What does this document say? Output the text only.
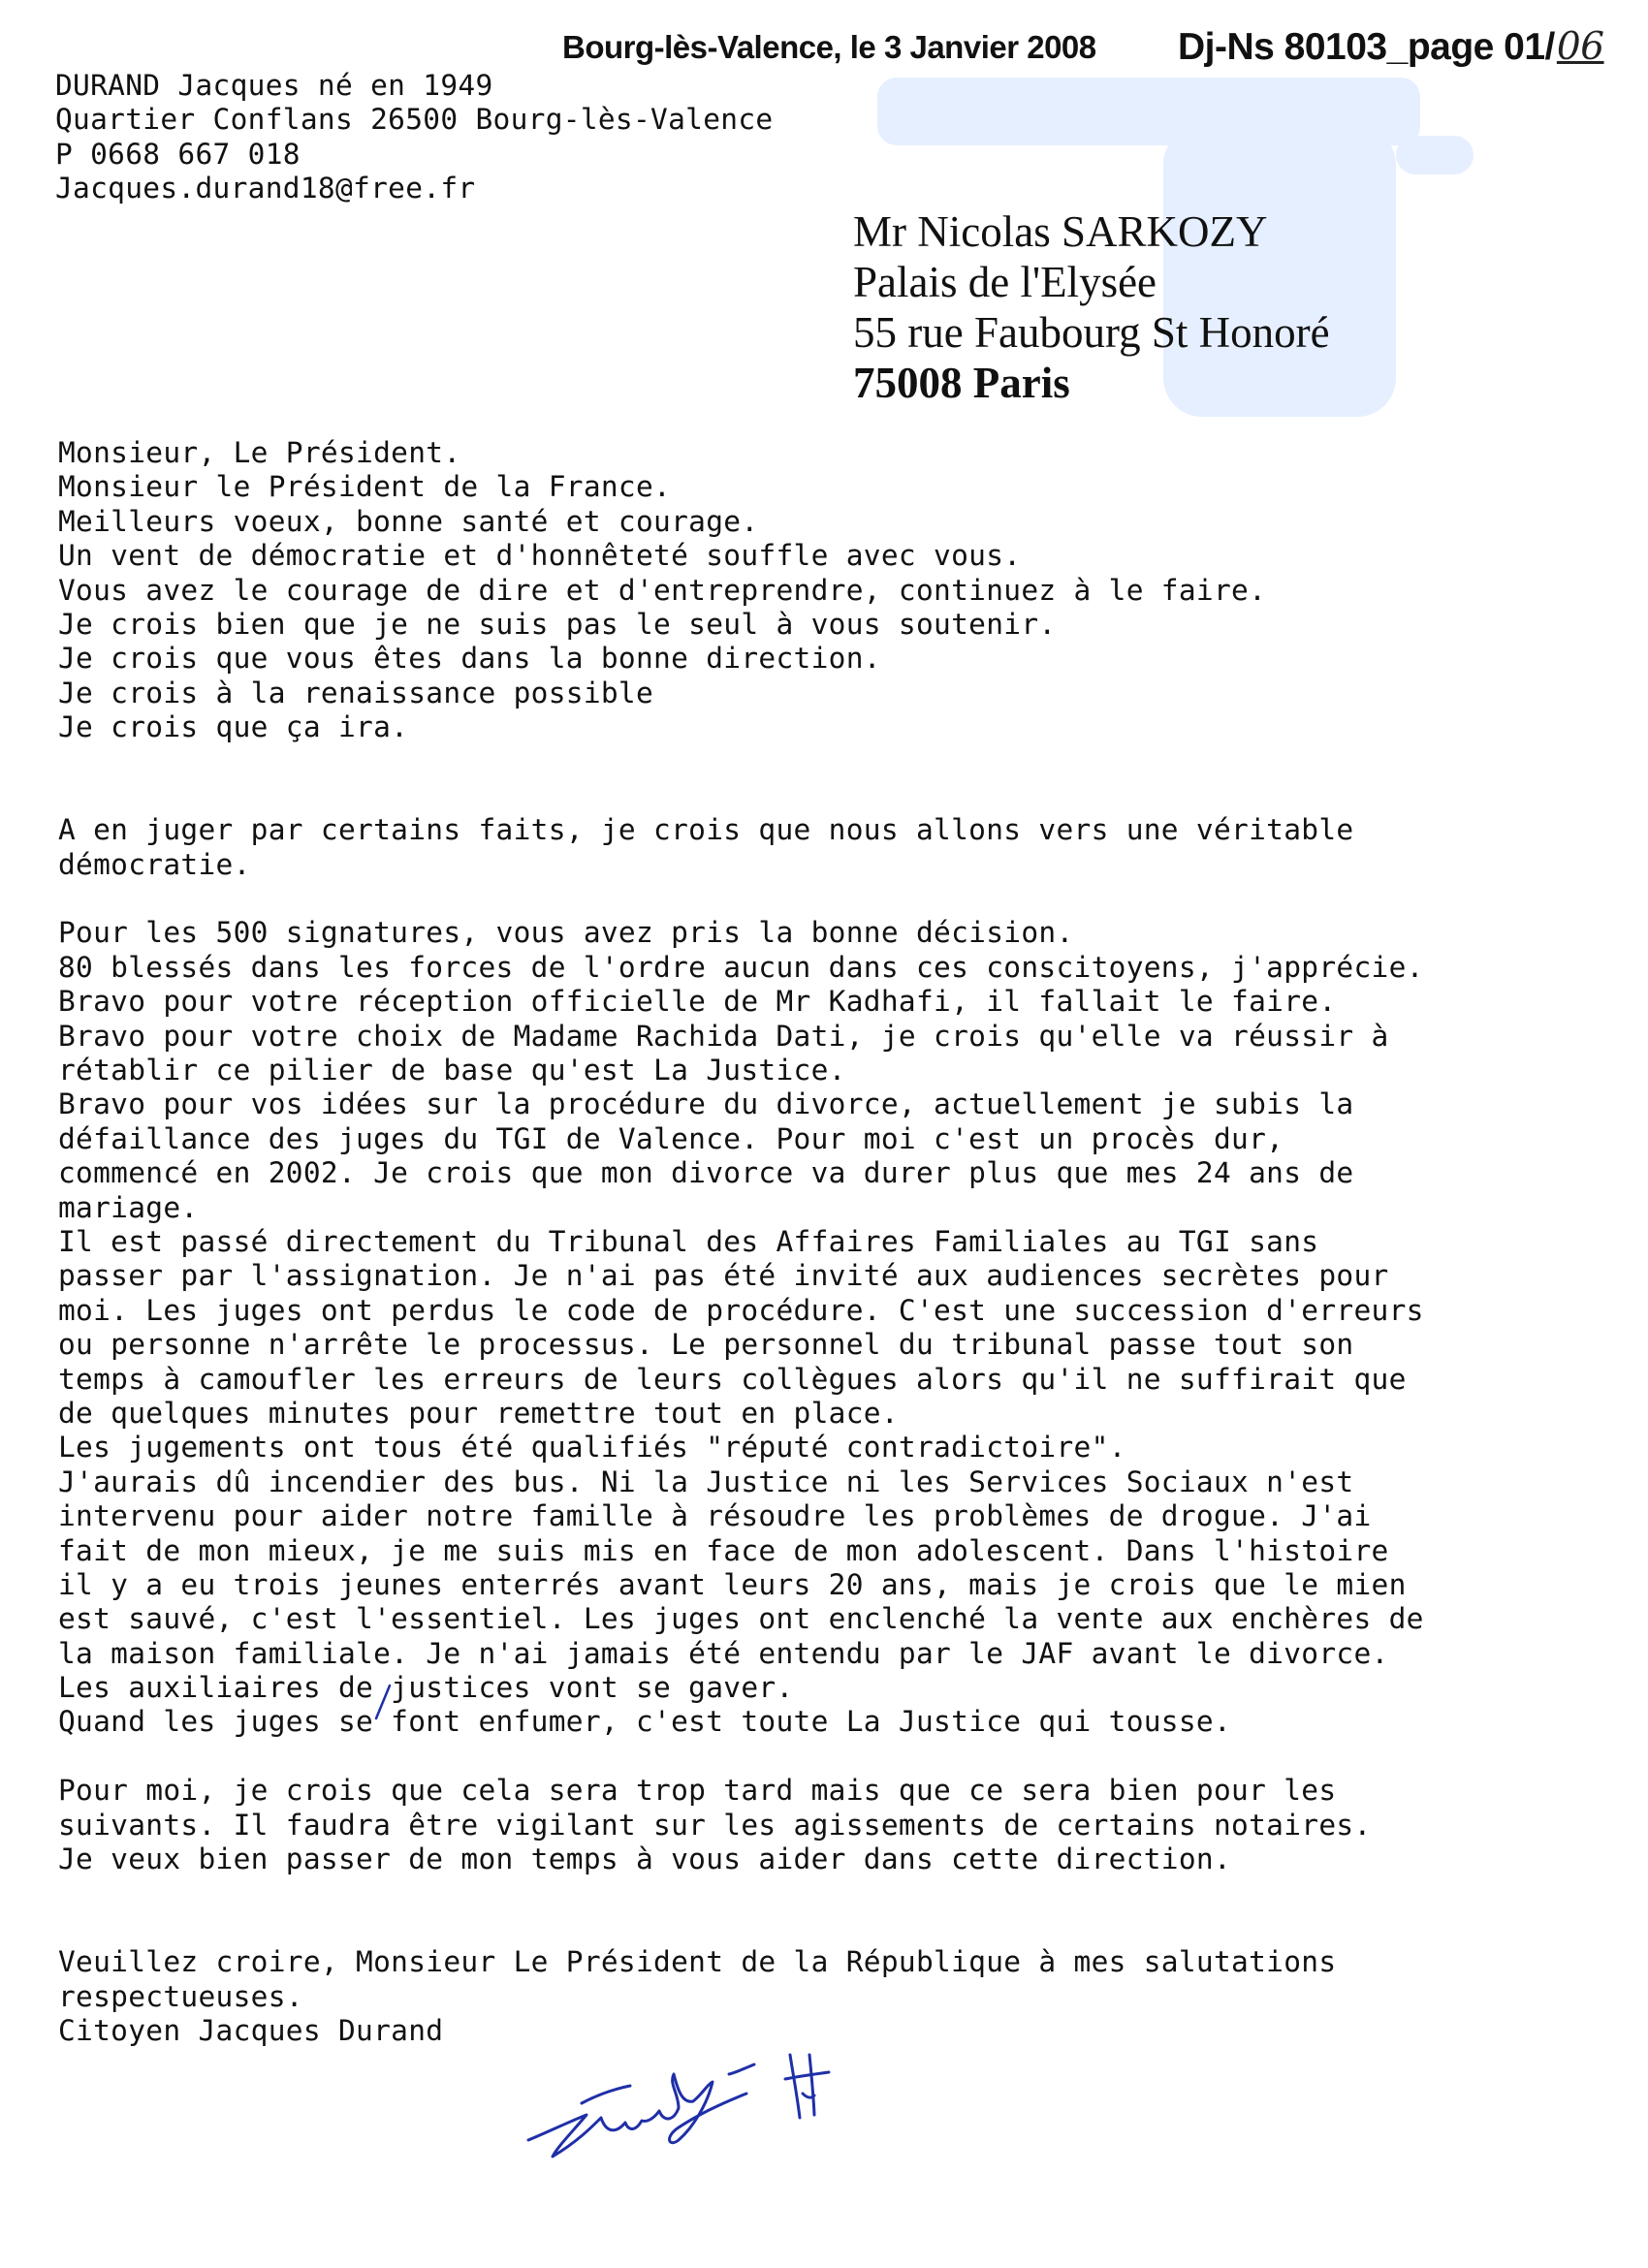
Bourg-lès-Valence, le 3 Janvier 2008 Dj-Ns 80103_page 01/06
DURAND Jacques né en 1949
Quartier Conflans 26500 Bourg-lès-Valence
P 0668 667 018
Jacques.durand18@free.fr
Mr Nicolas SARKOZY
Palais de l'Elysée
55 rue Faubourg St Honoré
75008 Paris
Monsieur, Le Président.
Monsieur le Président de la France.
Meilleurs voeux, bonne santé et courage.
Un vent de démocratie et d'honnêteté souffle avec vous.
Vous avez le courage de dire et d'entreprendre, continuez à le faire.
Je crois bien que je ne suis pas le seul à vous soutenir.
Je crois que vous êtes dans la bonne direction.
Je crois à la renaissance possible
Je crois que ça ira.
A en juger par certains faits, je crois que nous allons vers une véritable
démocratie.
Pour les 500 signatures, vous avez pris la bonne décision.
80 blessés dans les forces de l'ordre aucun dans ces conscitoyens, j'apprécie.
Bravo pour votre réception officielle de Mr Kadhafi, il fallait le faire.
Bravo pour votre choix de Madame Rachida Dati, je crois qu'elle va réussir à
rétablir ce pilier de base qu'est La Justice.
Bravo pour vos idées sur la procédure du divorce, actuellement je subis la
défaillance des juges du TGI de Valence. Pour moi c'est un procès dur,
commencé en 2002. Je crois que mon divorce va durer plus que mes 24 ans de
mariage.
Il est passé directement du Tribunal des Affaires Familiales au TGI sans
passer par l'assignation. Je n'ai pas été invité aux audiences secrètes pour
moi. Les juges ont perdus le code de procédure. C'est une succession d'erreurs
ou personne n'arrête le processus. Le personnel du tribunal passe tout son
temps à camoufler les erreurs de leurs collègues alors qu'il ne suffirait que
de quelques minutes pour remettre tout en place.
Les jugements ont tous été qualifiés "réputé contradictoire".
J'aurais dû incendier des bus. Ni la Justice ni les Services Sociaux n'est
intervenu pour aider notre famille à résoudre les problèmes de drogue. J'ai
fait de mon mieux, je me suis mis en face de mon adolescent. Dans l'histoire
il y a eu trois jeunes enterrés avant leurs 20 ans, mais je crois que le mien
est sauvé, c'est l'essentiel. Les juges ont enclenché la vente aux enchères de
la maison familiale. Je n'ai jamais été entendu par le JAF avant le divorce.
Les auxiliaires de justices vont se gaver.
Quand les juges se font enfumer, c'est toute La Justice qui tousse.
Pour moi, je crois que cela sera trop tard mais que ce sera bien pour les
suivants. Il faudra être vigilant sur les agissements de certains notaires.
Je veux bien passer de mon temps à vous aider dans cette direction.
Veuillez croire, Monsieur Le Président de la République à mes salutations
respectueuses.
Citoyen Jacques Durand
